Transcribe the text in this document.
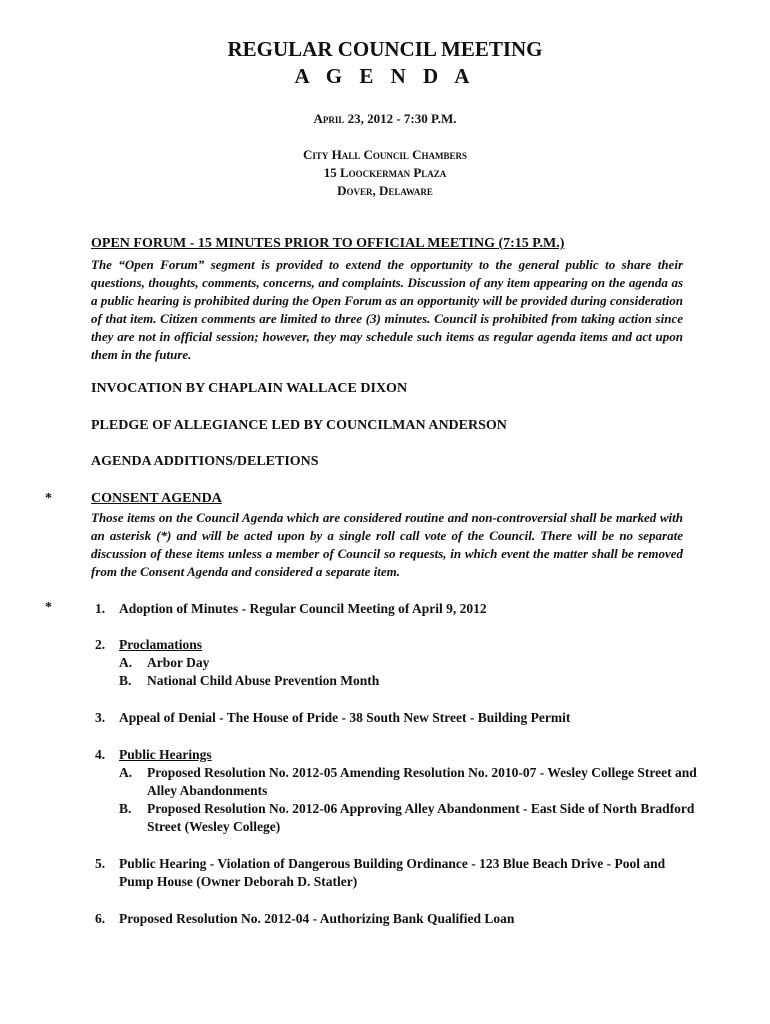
REGULAR COUNCIL MEETING
A G E N D A
April 23, 2012 - 7:30 P.M.
City Hall Council Chambers
15 Loockerman Plaza
Dover, Delaware
OPEN FORUM - 15 MINUTES PRIOR TO OFFICIAL MEETING (7:15 P.M.)
The “Open Forum” segment is provided to extend the opportunity to the general public to share their questions, thoughts, comments, concerns, and complaints. Discussion of any item appearing on the agenda as a public hearing is prohibited during the Open Forum as an opportunity will be provided during consideration of that item. Citizen comments are limited to three (3) minutes. Council is prohibited from taking action since they are not in official session; however, they may schedule such items as regular agenda items and act upon them in the future.
INVOCATION BY CHAPLAIN WALLACE DIXON
PLEDGE OF ALLEGIANCE LED BY COUNCILMAN ANDERSON
AGENDA ADDITIONS/DELETIONS
*	CONSENT AGENDA
Those items on the Council Agenda which are considered routine and non-controversial shall be marked with an asterisk (*) and will be acted upon by a single roll call vote of the Council. There will be no separate discussion of these items unless a member of Council so requests, in which event the matter shall be removed from the Consent Agenda and considered a separate item.
*	1. Adoption of Minutes - Regular Council Meeting of April 9, 2012
2. Proclamations
A. Arbor Day
B. National Child Abuse Prevention Month
3. Appeal of Denial - The House of Pride - 38 South New Street - Building Permit
4. Public Hearings
A. Proposed Resolution No. 2012-05 Amending Resolution No. 2010-07 - Wesley College Street and Alley Abandonments
B. Proposed Resolution No. 2012-06 Approving Alley Abandonment - East Side of North Bradford Street (Wesley College)
5. Public Hearing - Violation of Dangerous Building Ordinance - 123 Blue Beach Drive - Pool and Pump House (Owner Deborah D. Statler)
6. Proposed Resolution No. 2012-04 - Authorizing Bank Qualified Loan
